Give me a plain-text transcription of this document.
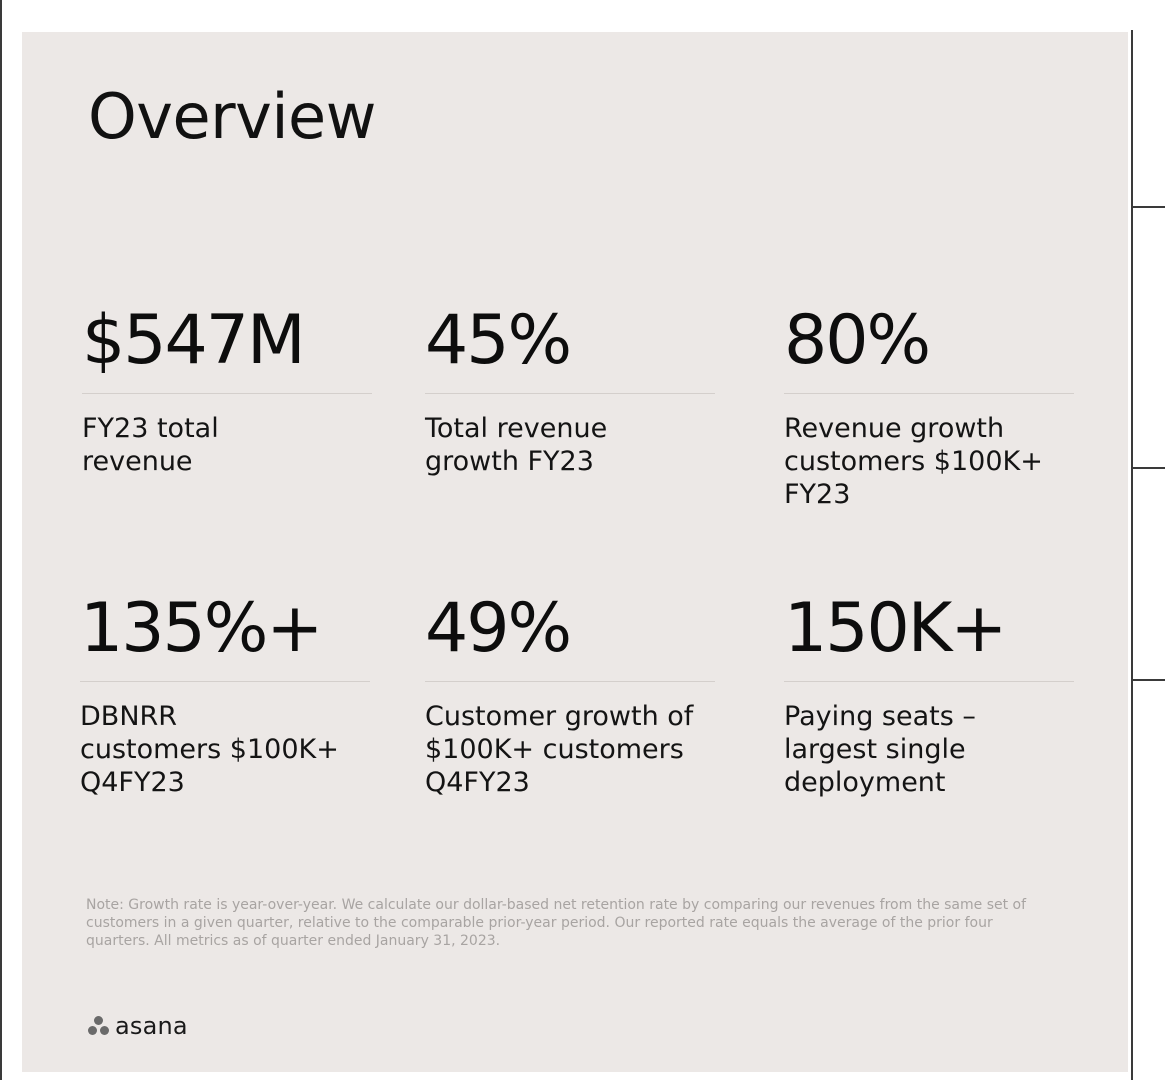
Overview
$547M
FY23 total
revenue
45%
Total revenue
growth FY23
80%
Revenue growth
customers $100K+
FY23
135%+
DBNRR
customers $100K+
Q4FY23
49%
Customer growth of
$100K+ customers
Q4FY23
150K+
Paying seats –
largest single
deployment

Note: Growth rate is year-over-year. We calculate our dollar-based net retention rate by comparing our revenues from the same set of customers in a given quarter, relative to the comparable prior-year period. Our reported rate equals the average of the prior four quarters. All metrics as of quarter ended January 31, 2023.

asana
